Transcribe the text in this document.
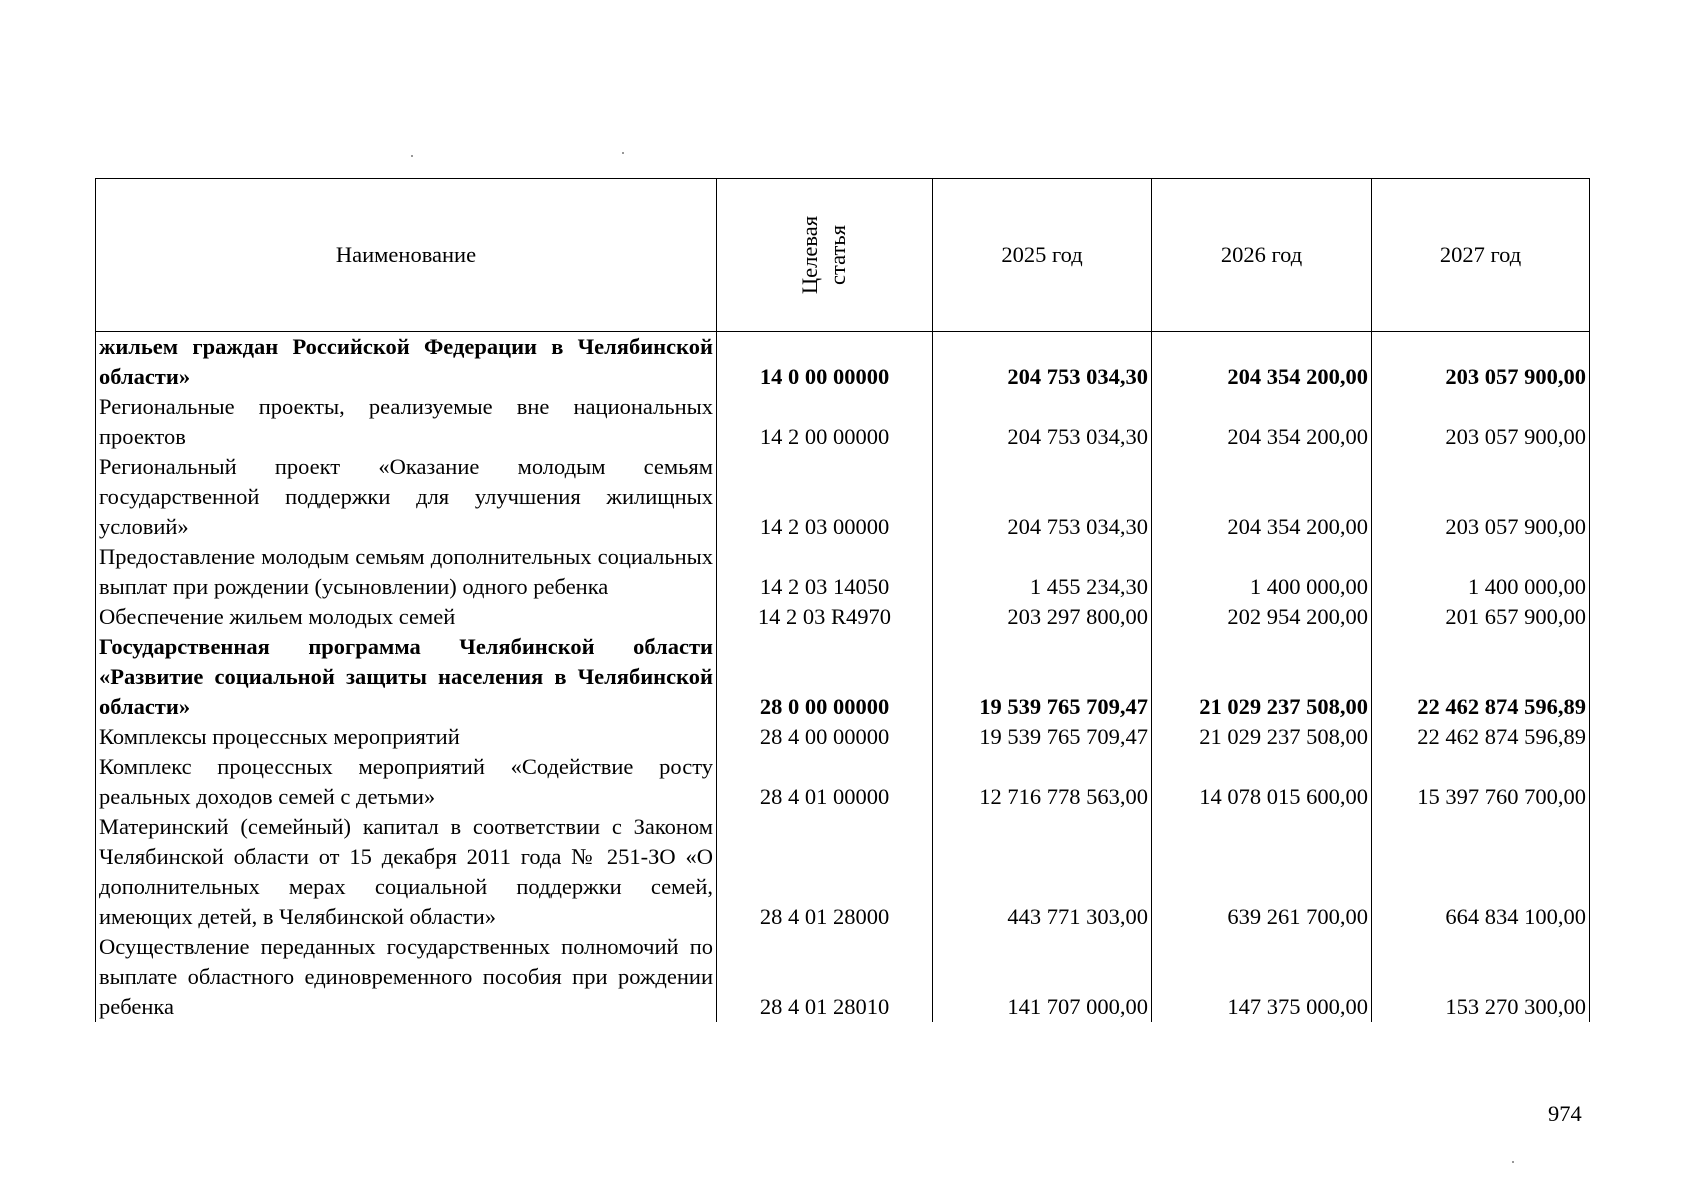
Наименование	Целевая статья	2025 год	2026 год	2027 год
жильем граждан Российской Федерации в Челябинской области»	14 0 00 00000	204 753 034,30	204 354 200,00	203 057 900,00
Региональные проекты, реализуемые вне национальных проектов	14 2 00 00000	204 753 034,30	204 354 200,00	203 057 900,00
Региональный проект «Оказание молодым семьям государственной поддержки для улучшения жилищных условий»	14 2 03 00000	204 753 034,30	204 354 200,00	203 057 900,00
Предоставление молодым семьям дополнительных социальных выплат при рождении (усыновлении) одного ребенка	14 2 03 14050	1 455 234,30	1 400 000,00	1 400 000,00
Обеспечение жильем молодых семей	14 2 03 R4970	203 297 800,00	202 954 200,00	201 657 900,00
Государственная программа Челябинской области «Развитие социальной защиты населения в Челябинской области»	28 0 00 00000	19 539 765 709,47	21 029 237 508,00	22 462 874 596,89
Комплексы процессных мероприятий	28 4 00 00000	19 539 765 709,47	21 029 237 508,00	22 462 874 596,89
Комплекс процессных мероприятий «Содействие росту реальных доходов семей с детьми»	28 4 01 00000	12 716 778 563,00	14 078 015 600,00	15 397 760 700,00
Материнский (семейный) капитал в соответствии с Законом Челябинской области от 15 декабря 2011 года № 251-ЗО «О дополнительных мерах социальной поддержки семей, имеющих детей, в Челябинской области»	28 4 01 28000	443 771 303,00	639 261 700,00	664 834 100,00
Осуществление переданных государственных полномочий по выплате областного единовременного пособия при рождении ребенка	28 4 01 28010	141 707 000,00	147 375 000,00	153 270 300,00
974
